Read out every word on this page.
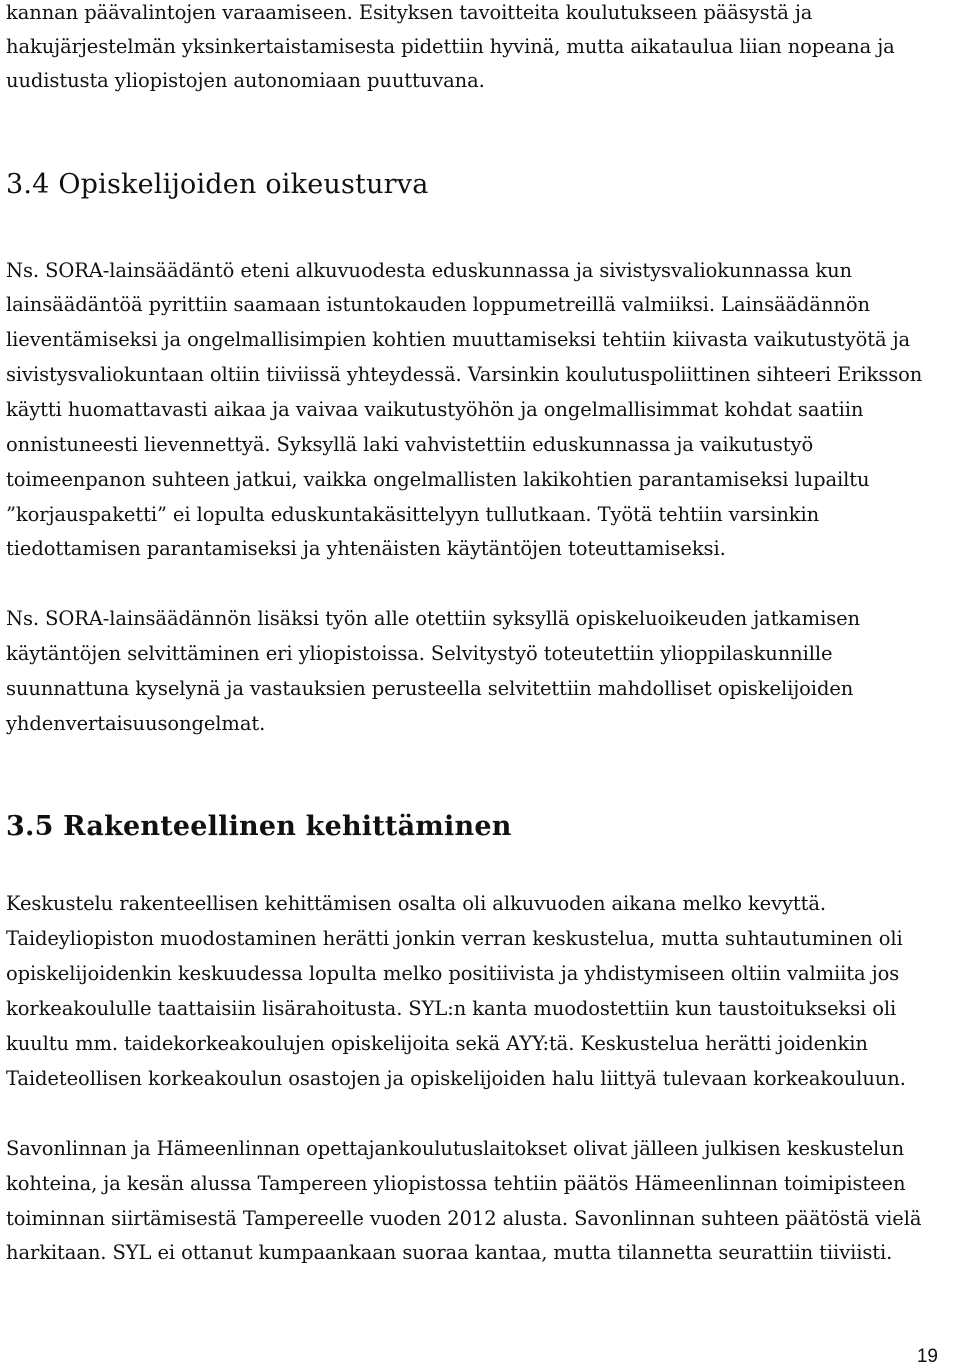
kannan päävalintojen varaamiseen. Esityksen tavoitteita koulutukseen pääsystä ja
hakujärjestelmän yksinkertaistamisesta pidettiin hyvinä, mutta aikataulua liian nopeana ja
uudistusta yliopistojen autonomiaan puuttuvana.
3.4 Opiskelijoiden oikeusturva
Ns. SORA-lainsäädäntö eteni alkuvuodesta eduskunnassa ja sivistysvaliokunnassa kun
lainsäädäntöä pyrittiin saamaan istuntokauden loppumetreillä valmiiksi. Lainsäädännön
lieventämiseksi ja ongelmallisimpien kohtien muuttamiseksi tehtiin kiivasta vaikutustyötä ja
sivistysvaliokuntaan oltiin tiiviissä yhteydessä. Varsinkin koulutuspoliittinen sihteeri Eriksson
käytti huomattavasti aikaa ja vaivaa vaikutustyöhön ja ongelmallisimmat kohdat saatiin
onnistuneesti lievennettyä. Syksyllä laki vahvistettiin eduskunnassa ja vaikutustyö
toimeenpanon suhteen jatkui, vaikka ongelmallisten lakikohtien parantamiseksi lupailtu
”korjauspaketti” ei lopulta eduskuntakäsittelyyn tullutkaan. Työtä tehtiin varsinkin
tiedottamisen parantamiseksi ja yhtenäisten käytäntöjen toteuttamiseksi.
Ns. SORA-lainsäädännön lisäksi työn alle otettiin syksyllä opiskeluoikeuden jatkamisen
käytäntöjen selvittäminen eri yliopistoissa. Selvitystyö toteutettiin ylioppilaskunnille
suunnattuna kyselynä ja vastauksien perusteella selvitettiin mahdolliset opiskelijoiden
yhdenvertaisuusongelmat.
3.5 Rakenteellinen kehittäminen
Keskustelu rakenteellisen kehittämisen osalta oli alkuvuoden aikana melko kevyttä.
Taideyliopiston muodostaminen herätti jonkin verran keskustelua, mutta suhtautuminen oli
opiskelijoidenkin keskuudessa lopulta melko positiivista ja yhdistymiseen oltiin valmiita jos
korkeakoululle taattaisiin lisärahoitusta. SYL:n kanta muodostettiin kun taustoitukseksi oli
kuultu mm. taidekorkeakoulujen opiskelijoita sekä AYY:tä. Keskustelua herätti joidenkin
Taideteollisen korkeakoulun osastojen ja opiskelijoiden halu liittyä tulevaan korkeakouluun.
Savonlinnan ja Hämeenlinnan opettajankoulutuslaitokset olivat jälleen julkisen keskustelun
kohteina, ja kesän alussa Tampereen yliopistossa tehtiin päätös Hämeenlinnan toimipisteen
toiminnan siirtämisestä Tampereelle vuoden 2012 alusta. Savonlinnan suhteen päätöstä vielä
harkitaan. SYL ei ottanut kumpaankaan suoraa kantaa, mutta tilannetta seurattiin tiiviisti.
19
